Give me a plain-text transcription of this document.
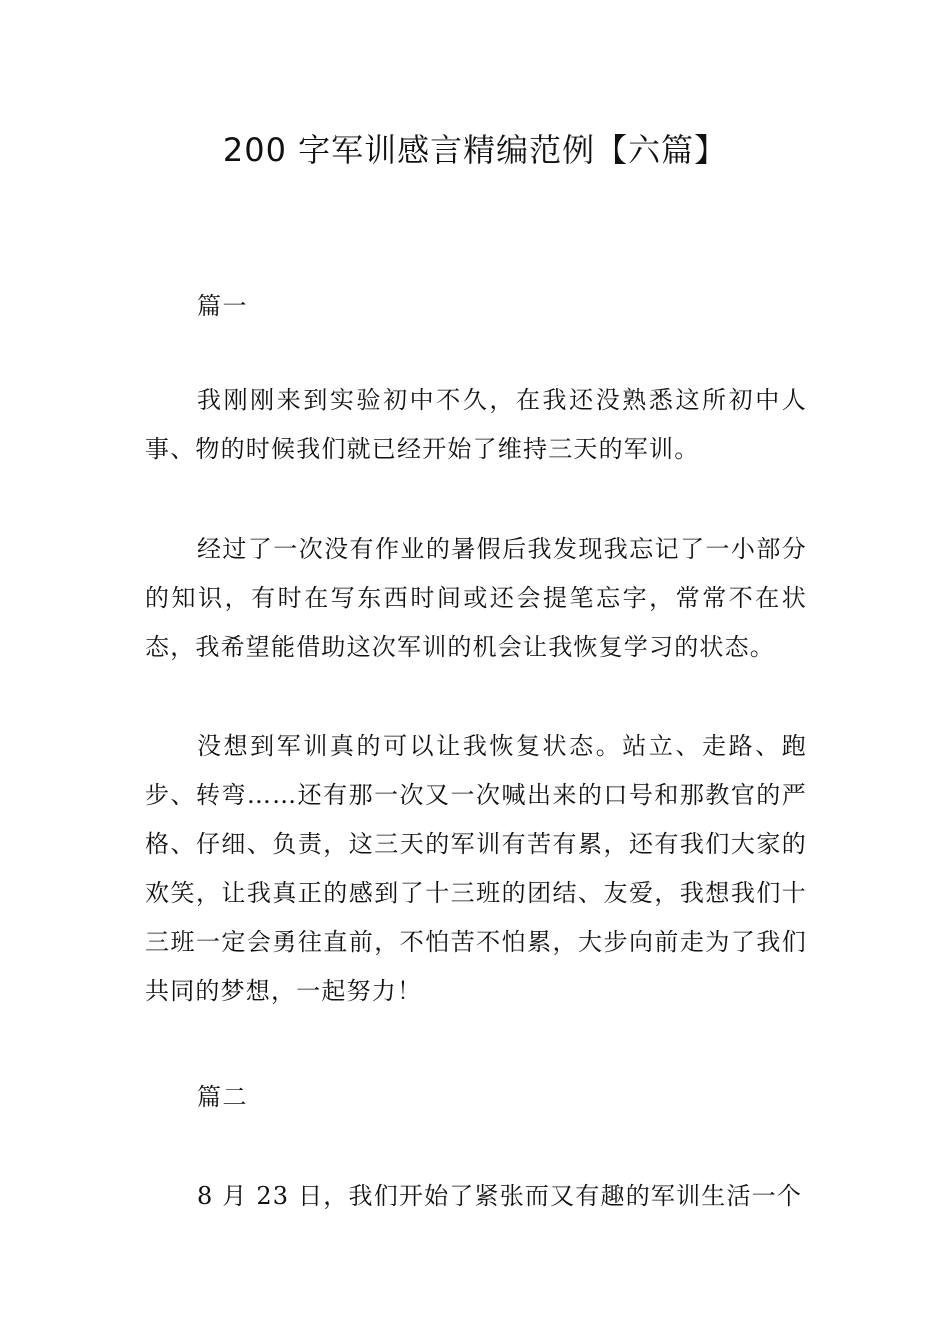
200 字军训感言精编范例【六篇】
篇一

我刚刚来到实验初中不久，在我还没熟悉这所初中人事、物的时候我们就已经开始了维持三天的军训。

经过了一次没有作业的暑假后我发现我忘记了一小部分的知识，有时在写东西时间或还会提笔忘字，常常不在状态，我希望能借助这次军训的机会让我恢复学习的状态。

没想到军训真的可以让我恢复状态。站立、走路、跑步、转弯……还有那一次又一次喊出来的口号和那教官的严格、仔细、负责，这三天的军训有苦有累，还有我们大家的欢笑，让我真正的感到了十三班的团结、友爱，我想我们十三班一定会勇往直前，不怕苦不怕累，大步向前走为了我们共同的梦想，一起努力！

篇二

8 月 23 日，我们开始了紧张而又有趣的军训生活一个
